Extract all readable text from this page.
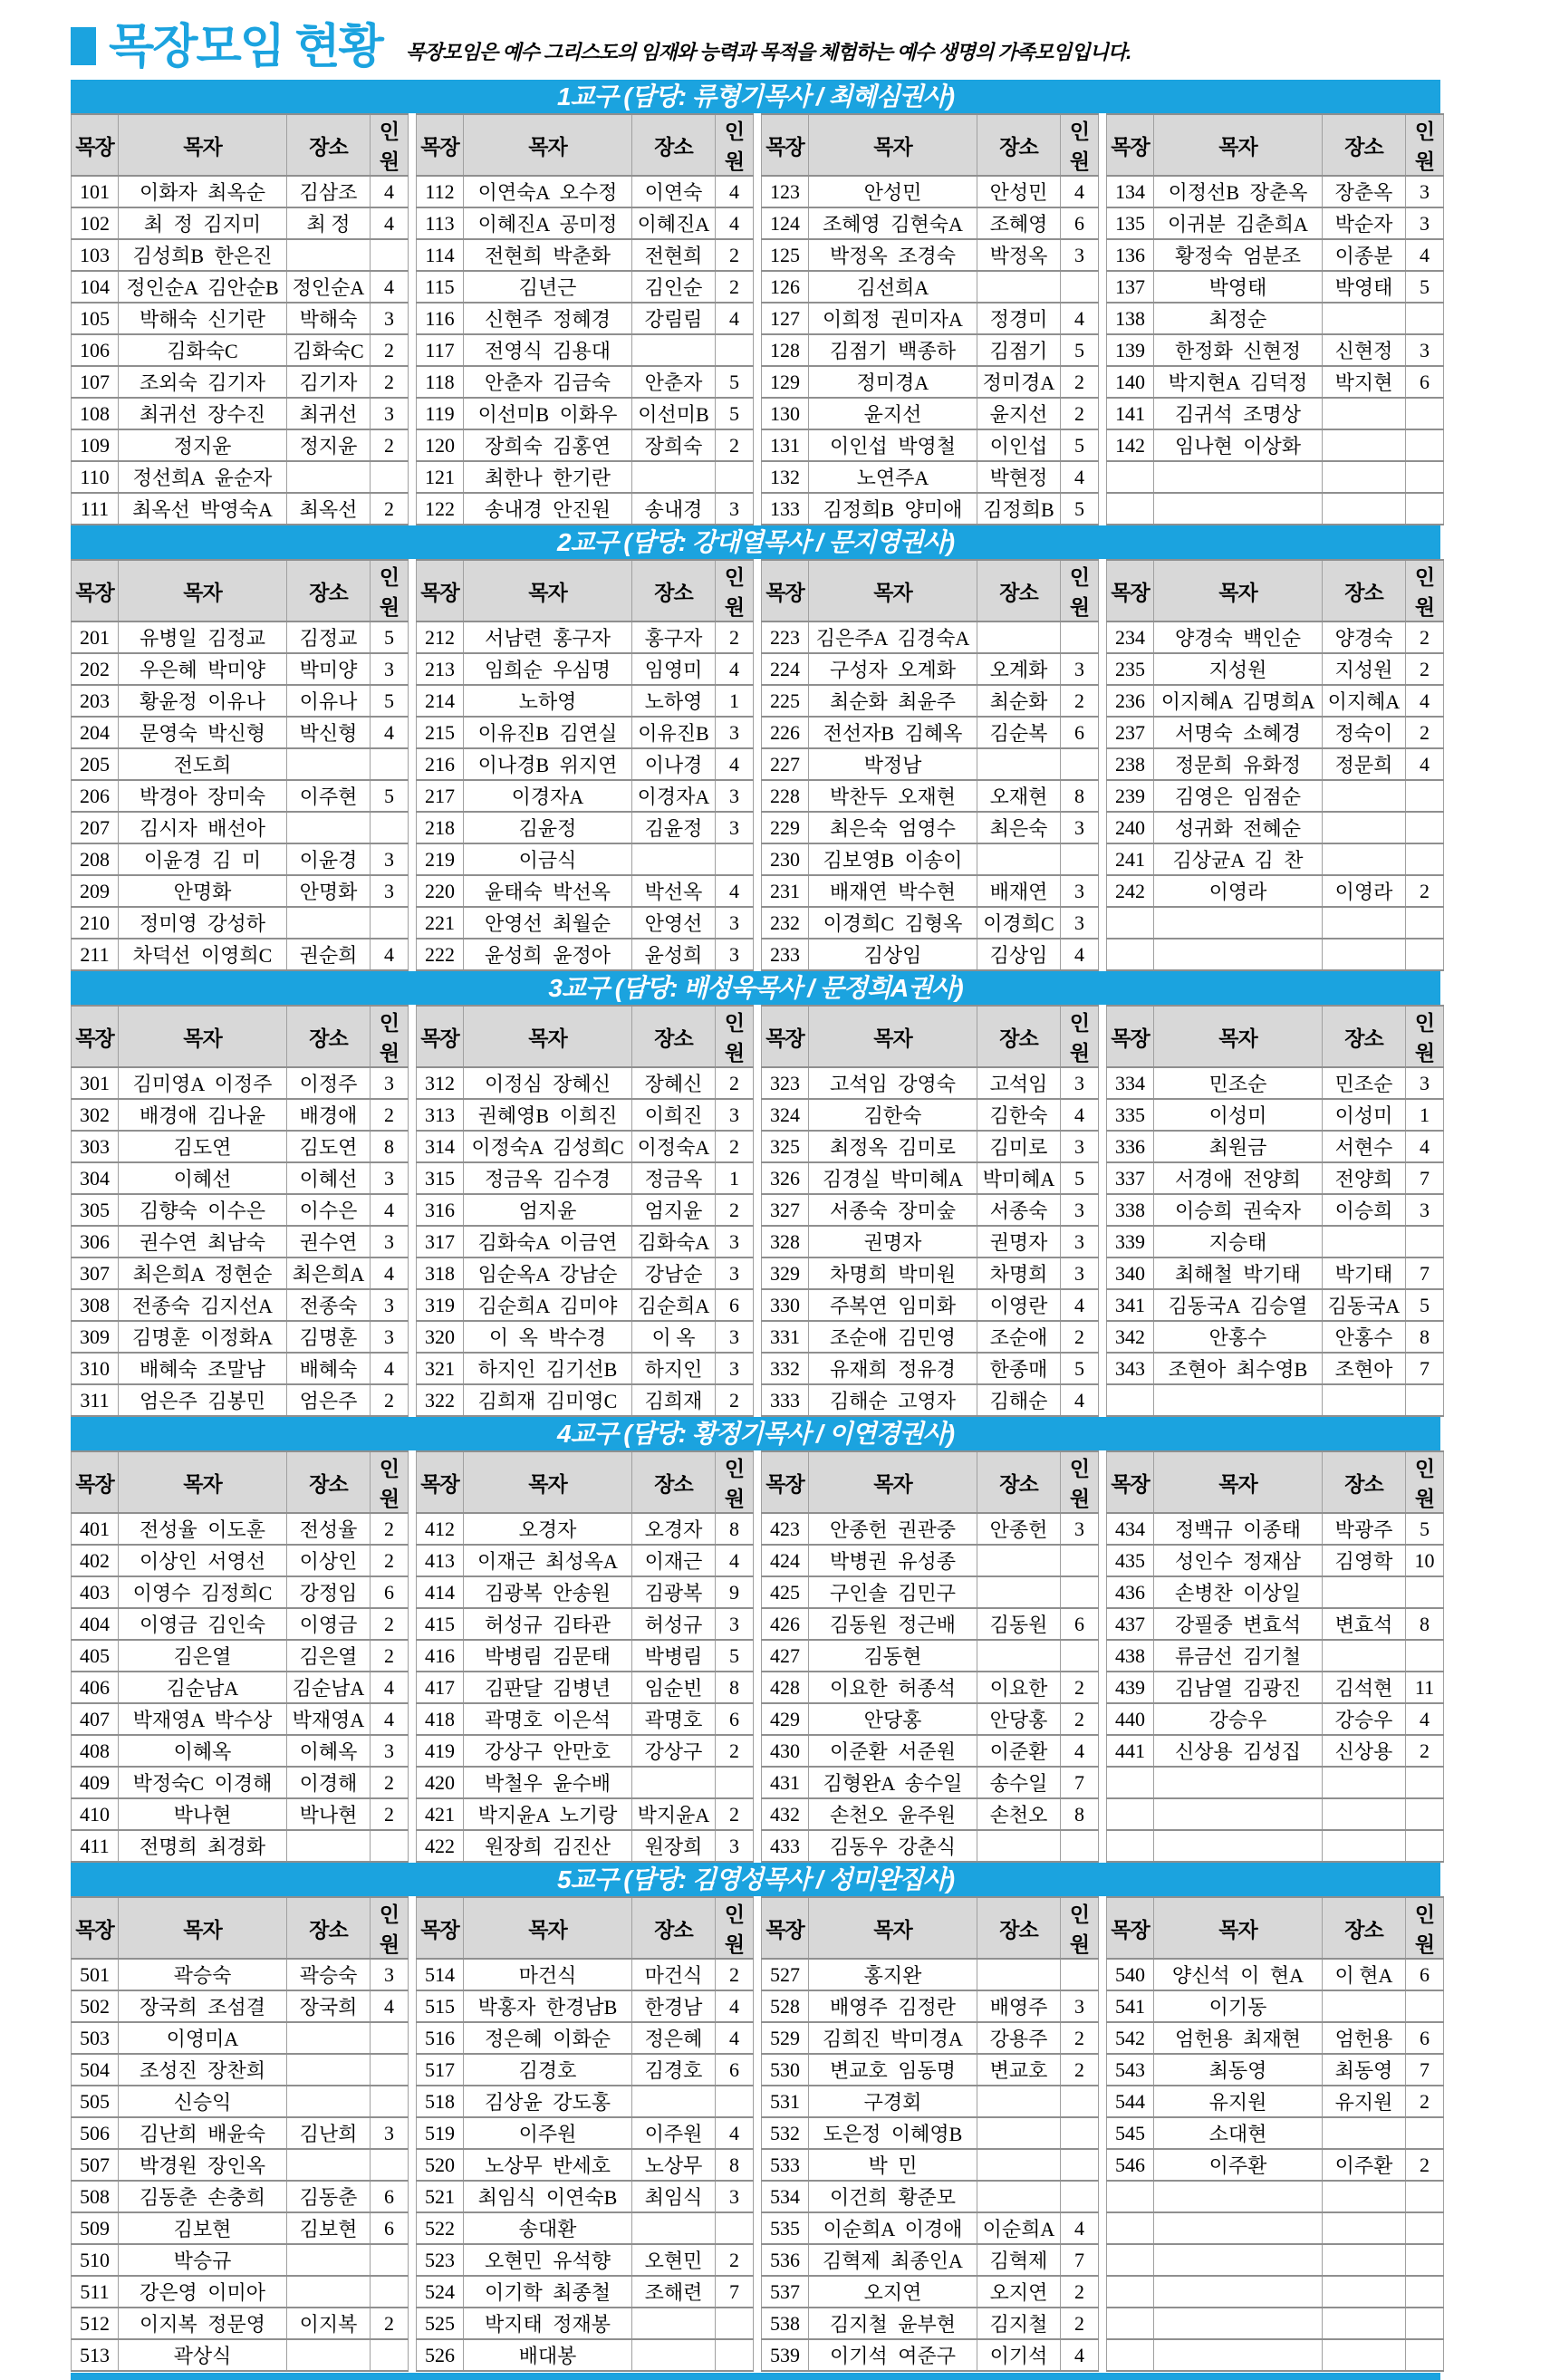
목장모임 현황 목장모임은 예수 그리스도의 임재와 능력과 목적을 체험하는 예수 생명의 가족모임입니다.
1교구 (담당: 류형기목사 / 최혜심권사)
목장	목자	장소	인원
101	이화자 최옥순	김삼조	4
102	최 정 김지미	최 정	4
103	김성희B 한은진		
104	정인순A 김안순B	정인순A	4
105	박해숙 신기란	박해숙	3
106	김화숙C	김화숙C	2
107	조외숙 김기자	김기자	2
108	최귀선 장수진	최귀선	3
109	정지윤	정지윤	2
110	정선희A 윤순자		
111	최옥선 박영숙A	최옥선	2
목장	목자	장소	인원
112	이연숙A 오수정	이연숙	4
113	이혜진A 공미정	이혜진A	4
114	전현희 박춘화	전현희	2
115	김년근	김인순	2
116	신현주 정혜경	강림림	4
117	전영식 김용대		
118	안춘자 김금숙	안춘자	5
119	이선미B 이화우	이선미B	5
120	장희숙 김홍연	장희숙	2
121	최한나 한기란		
122	송내경 안진원	송내경	3
목장	목자	장소	인원
123	안성민	안성민	4
124	조혜영 김현숙A	조혜영	6
125	박정옥 조경숙	박정옥	3
126	김선희A		
127	이희정 권미자A	정경미	4
128	김점기 백종하	김점기	5
129	정미경A	정미경A	2
130	윤지선	윤지선	2
131	이인섭 박영철	이인섭	5
132	노연주A	박현정	4
133	김정희B 양미애	김정희B	5
목장	목자	장소	인원
134	이정선B 장춘옥	장춘옥	3
135	이귀분 김춘희A	박순자	3
136	황정숙 엄분조	이종분	4
137	박영태	박영태	5
138	최정순		
139	한정화 신현정	신현정	3
140	박지현A 김덕정	박지현	6
141	김귀석 조명상		
142	임나현 이상화		

2교구 (담당: 강대열목사 / 문지영권사)
목장	목자	장소	인원
201	유병일 김정교	김정교	5
202	우은혜 박미양	박미양	3
203	황윤정 이유나	이유나	5
204	문영숙 박신형	박신형	4
205	전도희		
206	박경아 장미숙	이주현	5
207	김시자 배선아		
208	이윤경 김 미	이윤경	3
209	안명화	안명화	3
210	정미영 강성하		
211	차덕선 이영희C	권순희	4
목장	목자	장소	인원
212	서남련 홍구자	홍구자	2
213	임희순 우심명	임영미	4
214	노하영	노하영	1
215	이유진B 김연실	이유진B	3
216	이나경B 위지연	이나경	4
217	이경자A	이경자A	3
218	김윤정	김윤정	3
219	이금식		
220	윤태숙 박선옥	박선옥	4
221	안영선 최월순	안영선	3
222	윤성희 윤정아	윤성희	3
목장	목자	장소	인원
223	김은주A 김경숙A		
224	구성자 오계화	오계화	3
225	최순화 최윤주	최순화	2
226	전선자B 김혜옥	김순복	6
227	박정남		
228	박찬두 오재현	오재현	8
229	최은숙 엄영수	최은숙	3
230	김보영B 이송이		
231	배재연 박수현	배재연	3
232	이경희C 김형옥	이경희C	3
233	김상임	김상임	4
목장	목자	장소	인원
234	양경숙 백인순	양경숙	2
235	지성원	지성원	2
236	이지혜A 김명희A	이지혜A	4
237	서명숙 소혜경	정숙이	2
238	정문희 유화정	정문희	4
239	김영은 임점순		
240	성귀화 전혜순		
241	김상균A 김 찬		
242	이영라	이영라	2

3교구 (담당: 배성욱목사 / 문정희A권사)
목장	목자	장소	인원
301	김미영A 이정주	이정주	3
302	배경애 김나윤	배경애	2
303	김도연	김도연	8
304	이혜선	이혜선	3
305	김향숙 이수은	이수은	4
306	권수연 최남숙	권수연	3
307	최은희A 정현순	최은희A	4
308	전종숙 김지선A	전종숙	3
309	김명훈 이정화A	김명훈	3
310	배혜숙 조말남	배혜숙	4
311	엄은주 김봉민	엄은주	2
목장	목자	장소	인원
312	이정심 장혜신	장혜신	2
313	권혜영B 이희진	이희진	3
314	이정숙A 김성희C	이정숙A	2
315	정금옥 김수경	정금옥	1
316	엄지윤	엄지윤	2
317	김화숙A 이금연	김화숙A	3
318	임순옥A 강남순	강남순	3
319	김순희A 김미야	김순희A	6
320	이 옥 박수경	이 옥	3
321	하지인 김기선B	하지인	3
322	김희재 김미영C	김희재	2
목장	목자	장소	인원
323	고석임 강영숙	고석임	3
324	김한숙	김한숙	4
325	최정옥 김미로	김미로	3
326	김경실 박미혜A	박미혜A	5
327	서종숙 장미숲	서종숙	3
328	권명자	권명자	3
329	차명희 박미원	차명희	3
330	주복연 임미화	이영란	4
331	조순애 김민영	조순애	2
332	유재희 정유경	한종매	5
333	김해순 고영자	김해순	4
목장	목자	장소	인원
334	민조순	민조순	3
335	이성미	이성미	1
336	최원금	서현수	4
337	서경애 전양희	전양희	7
338	이승희 권숙자	이승희	3
339	지승태		
340	최해철 박기태	박기태	7
341	김동국A 김승열	김동국A	5
342	안홍수	안홍수	8
343	조현아 최수영B	조현아	7

4교구 (담당: 황정기목사 / 이연경권사)
목장	목자	장소	인원
401	전성율 이도훈	전성율	2
402	이상인 서영선	이상인	2
403	이영수 김정희C	강정임	6
404	이영금 김인숙	이영금	2
405	김은열	김은열	2
406	김순남A	김순남A	4
407	박재영A 박수상	박재영A	4
408	이혜옥	이혜옥	3
409	박정숙C 이경해	이경해	2
410	박나현	박나현	2
411	전명희 최경화		
목장	목자	장소	인원
412	오경자	오경자	8
413	이재근 최성옥A	이재근	4
414	김광복 안송원	김광복	9
415	허성규 김타관	허성규	3
416	박병림 김문태	박병림	5
417	김판달 김병년	임순빈	8
418	곽명호 이은석	곽명호	6
419	강상구 안만호	강상구	2
420	박철우 윤수배		
421	박지윤A 노기랑	박지윤A	2
422	원장희 김진산	원장희	3
목장	목자	장소	인원
423	안종헌 권관중	안종헌	3
424	박병권 유성종		
425	구인솔 김민구		
426	김동원 정근배	김동원	6
427	김동현		
428	이요한 허종석	이요한	2
429	안당홍	안당홍	2
430	이준환 서준원	이준환	4
431	김형완A 송수일	송수일	7
432	손천오 윤주원	손천오	8
433	김동우 강춘식		
목장	목자	장소	인원
434	정백규 이종태	박광주	5
435	성인수 정재삼	김영학	10
436	손병찬 이상일		
437	강필중 변효석	변효석	8
438	류금선 김기철		
439	김남열 김광진	김석현	11
440	강승우	강승우	4
441	신상용 김성집	신상용	2

5교구 (담당: 김영성목사 / 성미완집사)
목장	목자	장소	인원
501	곽승숙	곽승숙	3
502	장국희 조섬결	장국희	4
503	이영미A		
504	조성진 장찬희		
505	신승익		
506	김난희 배윤숙	김난희	3
507	박경원 장인옥		
508	김동춘 손충희	김동춘	6
509	김보현	김보현	6
510	박승규		
511	강은영 이미아		
512	이지복 정문영	이지복	2
513	곽상식		
목장	목자	장소	인원
514	마건식	마건식	2
515	박홍자 한경남B	한경남	4
516	정은혜 이화순	정은혜	4
517	김경호	김경호	6
518	김상윤 강도홍		
519	이주원	이주원	4
520	노상무 반세호	노상무	8
521	최임식 이연숙B	최임식	3
522	송대환		
523	오현민 유석향	오현민	2
524	이기학 최종철	조해련	7
525	박지태 정재봉		
526	배대봉		
목장	목자	장소	인원
527	홍지완		
528	배영주 김정란	배영주	3
529	김희진 박미경A	강용주	2
530	변교호 임동명	변교호	2
531	구경회		
532	도은정 이혜영B		
533	박 민		
534	이건희 황준모		
535	이순희A 이경애	이순희A	4
536	김혁제 최종인A	김혁제	7
537	오지연	오지연	2
538	김지철 윤부현	김지철	2
539	이기석 여준구	이기석	4
목장	목자	장소	인원
540	양신석 이 현A	이 현A	6
541	이기동		
542	엄헌용 최재현	엄헌용	6
543	최동영	최동영	7
544	유지원	유지원	2
545	소대현		
546	이주환	이주환	2
